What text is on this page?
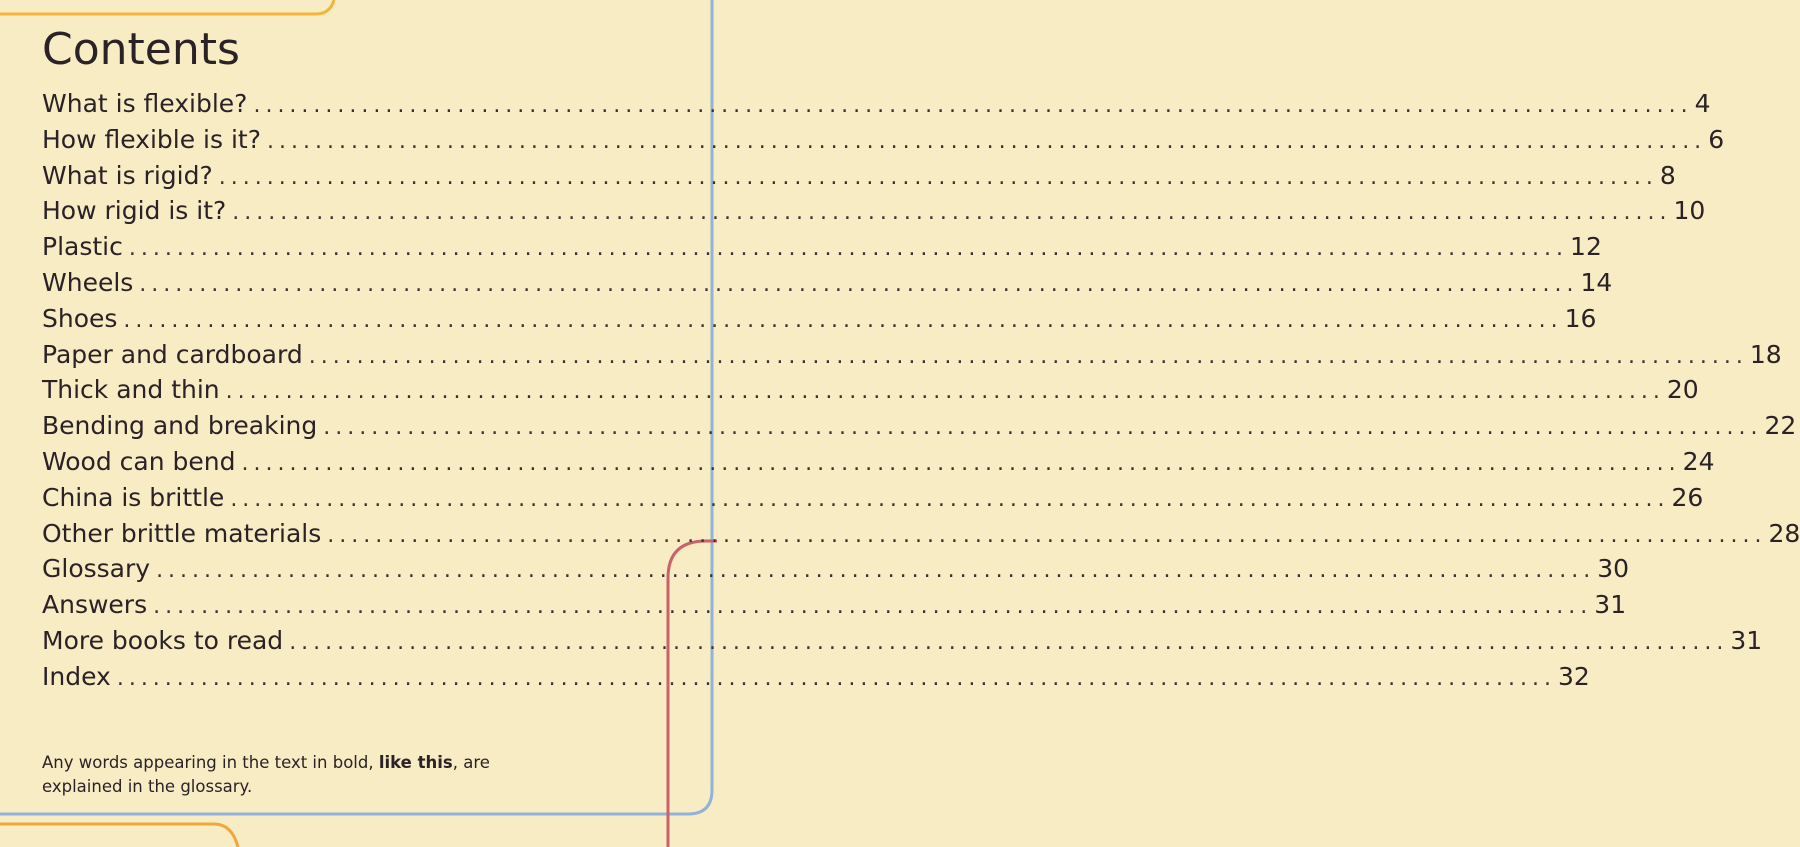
Contents
What is flexible? ........................................................................................................................ 4
How flexible is it? ........................................................................................................................ 6
What is rigid? ........................................................................................................................ 8
How rigid is it? ........................................................................................................................ 10
Plastic ........................................................................................................................ 12
Wheels ........................................................................................................................ 14
Shoes ........................................................................................................................ 16
Paper and cardboard ........................................................................................................................ 18
Thick and thin ........................................................................................................................ 20
Bending and breaking ........................................................................................................................ 22
Wood can bend ........................................................................................................................ 24
China is brittle ........................................................................................................................ 26
Other brittle materials ........................................................................................................................ 28
Glossary ........................................................................................................................ 30
Answers ........................................................................................................................ 31
More books to read ........................................................................................................................ 31
Index ........................................................................................................................ 32

Any words appearing in the text in bold, like this, are explained in the glossary.
